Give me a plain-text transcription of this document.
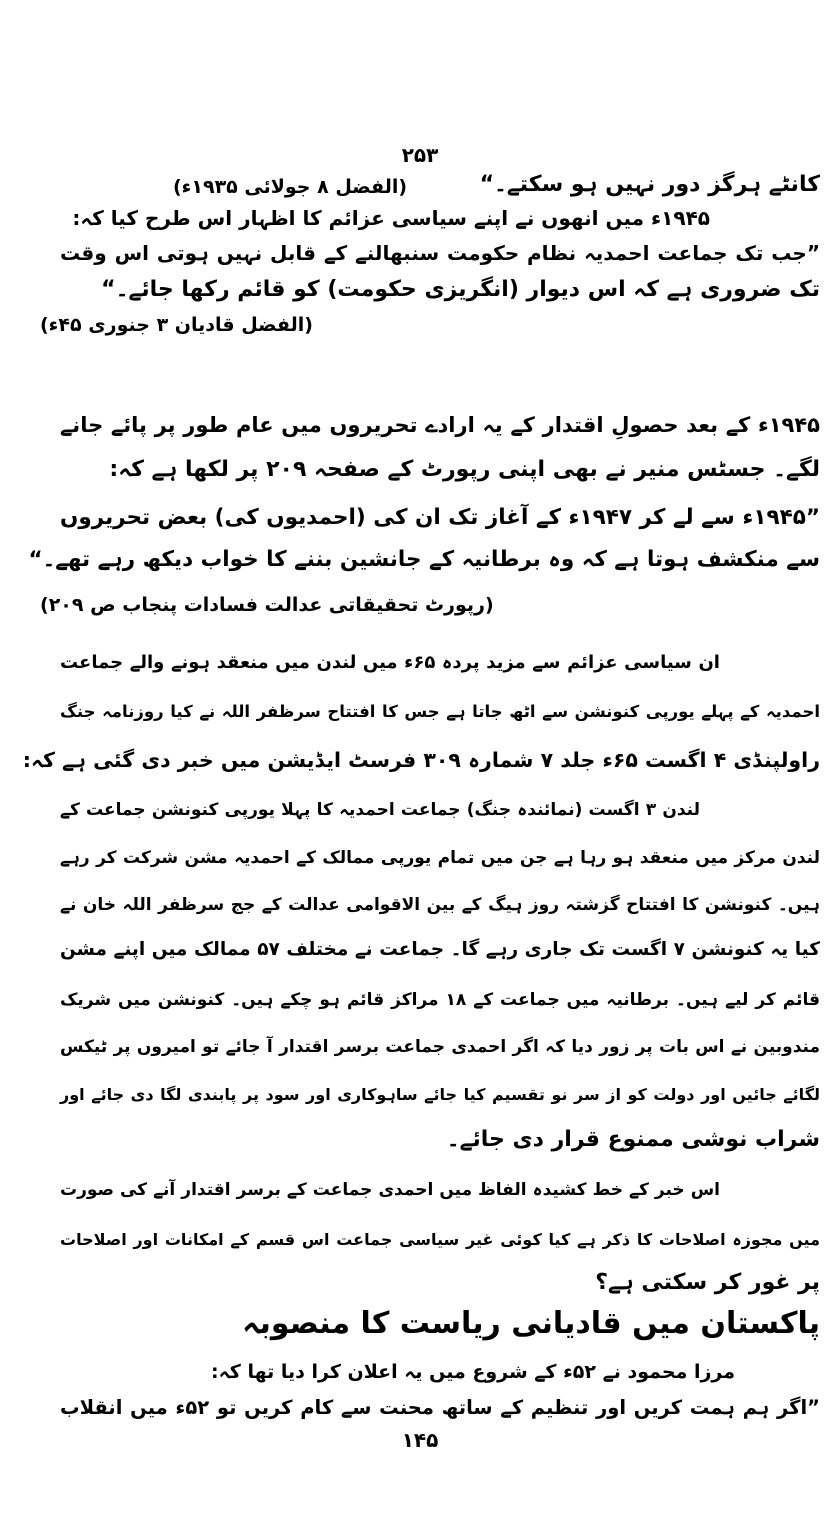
۲۵۳
کانٹے ہرگز دور نہیں ہو سکتے۔“
(الفضل ۸ جولائی ۱۹۳۵ء)
۱۹۴۵ء میں انھوں نے اپنے سیاسی عزائم کا اظہار اس طرح کیا کہ:
”جب تک جماعت احمدیہ نظام حکومت سنبھالنے کے قابل نہیں ہوتی اس وقت
تک ضروری ہے کہ اس دیوار (انگریزی حکومت) کو قائم رکھا جائے۔“
(الفضل قادیان ۳ جنوری ۴۵ء)
۱۹۴۵ء کے بعد حصولِ اقتدار کے یہ ارادے تحریروں میں عام طور پر پائے جانے
لگے۔ جسٹس منیر نے بھی اپنی رپورٹ کے صفحہ ۲۰۹ پر لکھا ہے کہ:
”۱۹۴۵ء سے لے کر ۱۹۴۷ء کے آغاز تک ان کی (احمدیوں کی) بعض تحریروں
سے منکشف ہوتا ہے کہ وہ برطانیہ کے جانشین بننے کا خواب دیکھ رہے تھے۔“
(رپورٹ تحقیقاتی عدالت فسادات پنجاب ص ۲۰۹)
ان سیاسی عزائم سے مزید پردہ ۶۵ء میں لندن میں منعقد ہونے والے جماعت
احمدیہ کے پہلے یورپی کنونشن سے اٹھ جاتا ہے جس کا افتتاح سرظفر اللہ نے کیا روزنامہ جنگ
راولپنڈی ۴ اگست ۶۵ء جلد ۷ شمارہ ۳۰۹ فرسٹ ایڈیشن میں خبر دی گئی ہے کہ:
لندن ۳ اگست (نمائندہ جنگ) جماعت احمدیہ کا پہلا یورپی کنونشن جماعت کے
لندن مرکز میں منعقد ہو رہا ہے جن میں تمام یورپی ممالک کے احمدیہ مشن شرکت کر رہے
ہیں۔ کنونشن کا افتتاح گزشتہ روز ہیگ کے بین الاقوامی عدالت کے جج سرظفر اللہ خان نے
کیا یہ کنونشن ۷ اگست تک جاری رہے گا۔ جماعت نے مختلف ۵۷ ممالک میں اپنے مشن
قائم کر لیے ہیں۔ برطانیہ میں جماعت کے ۱۸ مراکز قائم ہو چکے ہیں۔ کنونشن میں شریک
مندوبین نے اس بات پر زور دیا کہ اگر احمدی جماعت برسر اقتدار آ جائے تو امیروں پر ٹیکس
لگائے جائیں اور دولت کو از سر نو تقسیم کیا جائے ساہوکاری اور سود پر پابندی لگا دی جائے اور
شراب نوشی ممنوع قرار دی جائے۔
اس خبر کے خط کشیدہ الفاظ میں احمدی جماعت کے برسر اقتدار آنے کی صورت
میں مجوزہ اصلاحات کا ذکر ہے کیا کوئی غیر سیاسی جماعت اس قسم کے امکانات اور اصلاحات
پر غور کر سکتی ہے؟
پاکستان میں قادیانی ریاست کا منصوبہ
مرزا محمود نے ۵۲ء کے شروع میں یہ اعلان کرا دیا تھا کہ:
”اگر ہم ہمت کریں اور تنظیم کے ساتھ محنت سے کام کریں تو ۵۲ء میں انقلاب
۱۴۵
